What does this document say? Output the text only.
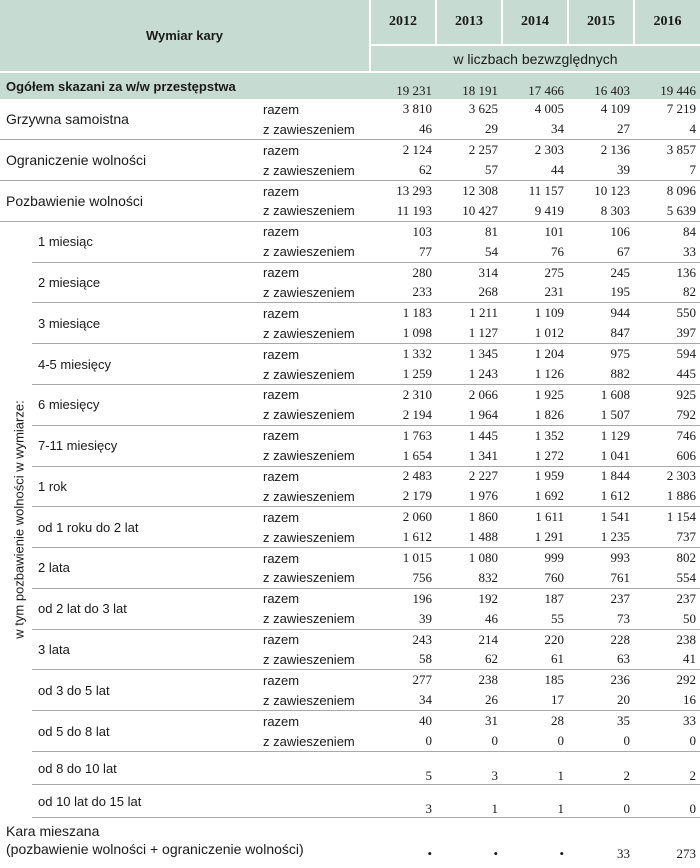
Wymiar kary			2012	2013	2014	2015	2016
			w liczbach bezwzględnych				
Ogółem skazani za w/w przestępstwa			19 231	18 191	17 466	16 403	19 446
Grzywna samoistna		razem	3 810	3 625	4 005	4 109	7 219
		z zawieszeniem	46	29	34	27	4
Ograniczenie wolności		razem	2 124	2 257	2 303	2 136	3 857
		z zawieszeniem	62	57	44	39	7
Pozbawienie wolności		razem	13 293	12 308	11 157	10 123	8 096
		z zawieszeniem	11 193	10 427	9 419	8 303	5 639

w tym pozbawienie wolności w wymiarze:	1 miesiąc	razem	103	81	101	106	84
		z zawieszeniem	77	54	76	67	33
	2 miesiące	razem	280	314	275	245	136
		z zawieszeniem	233	268	231	195	82
	3 miesiące	razem	1 183	1 211	1 109	944	550
		z zawieszeniem	1 098	1 127	1 012	847	397
	4-5 miesięcy	razem	1 332	1 345	1 204	975	594
		z zawieszeniem	1 259	1 243	1 126	882	445
	6 miesięcy	razem	2 310	2 066	1 925	1 608	925
		z zawieszeniem	2 194	1 964	1 826	1 507	792
	7-11 miesięcy	razem	1 763	1 445	1 352	1 129	746
		z zawieszeniem	1 654	1 341	1 272	1 041	606
	1 rok	razem	2 483	2 227	1 959	1 844	2 303
		z zawieszeniem	2 179	1 976	1 692	1 612	1 886
	od 1 roku do 2 lat	razem	2 060	1 860	1 611	1 541	1 154
		z zawieszeniem	1 612	1 488	1 291	1 235	737
	2 lata	razem	1 015	1 080	999	993	802
		z zawieszeniem	756	832	760	761	554
	od 2 lat do 3 lat	razem	196	192	187	237	237
		z zawieszeniem	39	46	55	73	50
	3 lata	razem	243	214	220	228	238
		z zawieszeniem	58	62	61	63	41
	od 3 do 5 lat	razem	277	238	185	236	292
		z zawieszeniem	34	26	17	20	16
	od 5 do 8 lat	razem	40	31	28	35	33
		z zawieszeniem	0	0	0	0	0
	od 8 do 10 lat		5	3	1	2	2
	od 10 lat do 15 lat		3	1	1	0	0

Kara mieszana
(pozbawienie wolności + ograniczenie wolności)			•	•	•	33	273
